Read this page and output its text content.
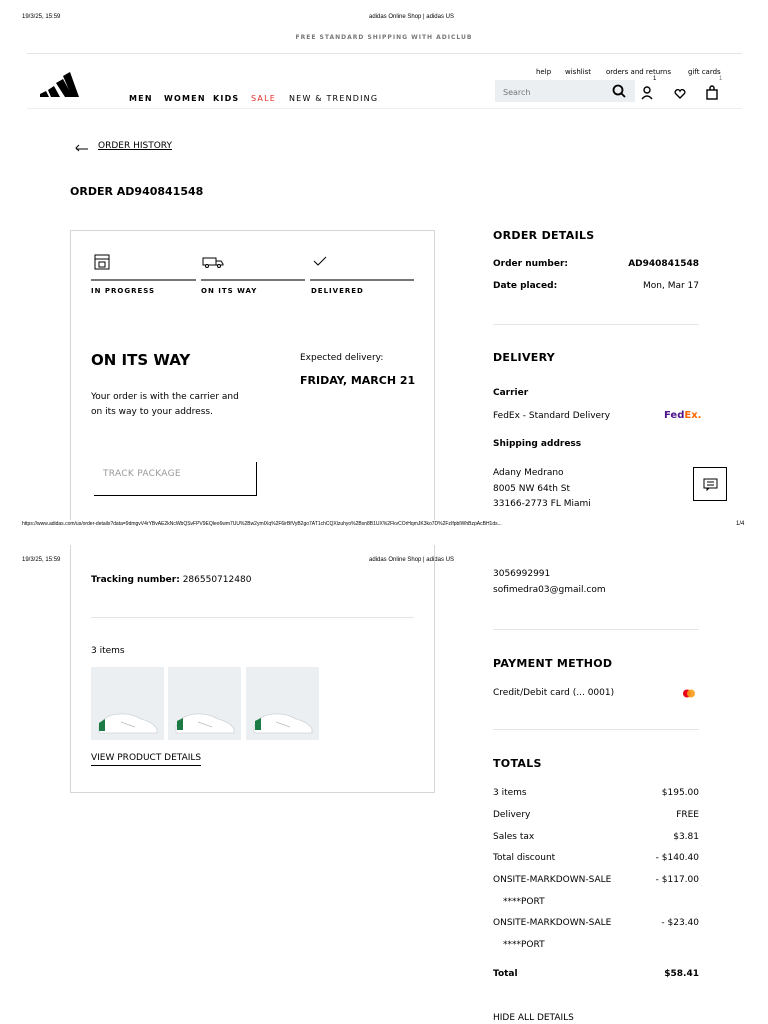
19/3/25, 15:59	adidas Online Shop | adidas US
FREE STANDARD SHIPPING WITH ADICLUB
help wishlist orders and returns gift cards
MEN WOMEN KIDS SALE NEW & TRENDING
Search
1	1
ORDER HISTORY
ORDER AD940841548
IN PROGRESS	ON ITS WAY	DELIVERED
ON ITS WAY
Your order is with the carrier and
on its way to your address.
Expected delivery:
FRIDAY, MARCH 21
TRACK PACKAGE
ORDER DETAILS
Order number:	AD940841548
Date placed:	Mon, Mar 17
DELIVERY
Carrier
FedEx - Standard Delivery	FedEx.
Shipping address
Adany Medrano
8005 NW 64th St
33166-2773 FL Miami
https://www.adidas.com/us/order-details?data=9dmgvV4rYBvAE2kNcWbQSvFPV9EQleo6wm7UU%2Bw2ymIXq%2F6irBfVyB2go7AT1chCQXlzuhyo%2Bxn8B1UX%2FkvCOrHqmJK3ko7D%2FzIfpbIWhBzpAcBH1ds...	1/4
19/3/25, 15:59	adidas Online Shop | adidas US
Tracking number: 286550712480
3 items
VIEW PRODUCT DETAILS
3056992991
sofimedra03@gmail.com
PAYMENT METHOD
Credit/Debit card (... 0001)
TOTALS
3 items	$195.00
Delivery	FREE
Sales tax	$3.81
Total discount	- $140.40
ONSITE-MARKDOWN-SALE	- $117.00
****PORT
ONSITE-MARKDOWN-SALE	- $23.40
****PORT
Total	$58.41
HIDE ALL DETAILS
